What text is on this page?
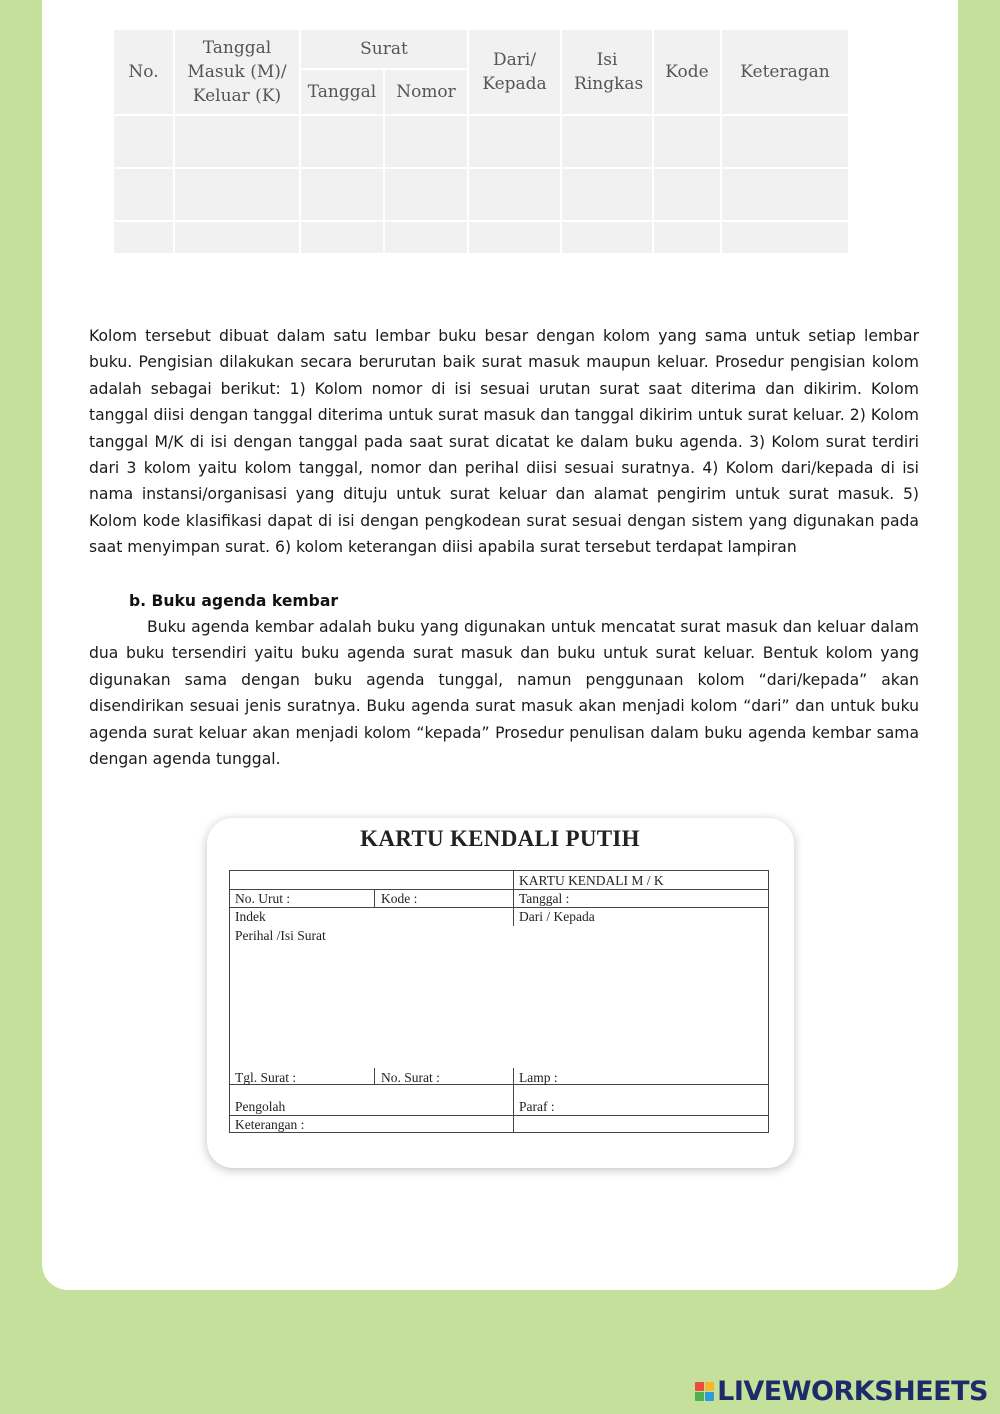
No.	Tanggal Masuk (M)/ Keluar (K)	Surat		Dari/ Kepada	Isi Ringkas	Kode	Keteragan
		Tanggal	Nomor				

Kolom tersebut dibuat dalam satu lembar buku besar dengan kolom yang sama untuk setiap lembar buku. Pengisian dilakukan secara berurutan baik surat masuk maupun keluar. Prosedur pengisian kolom adalah sebagai berikut: 1) Kolom nomor di isi sesuai urutan surat saat diterima dan dikirim. Kolom tanggal diisi dengan tanggal diterima untuk surat masuk dan tanggal dikirim untuk surat keluar. 2) Kolom tanggal M/K di isi dengan tanggal pada saat surat dicatat ke dalam buku agenda. 3) Kolom surat terdiri dari 3 kolom yaitu kolom tanggal, nomor dan perihal diisi sesuai suratnya. 4) Kolom dari/kepada di isi nama instansi/organisasi yang dituju untuk surat keluar dan alamat pengirim untuk surat masuk. 5) Kolom kode klasifikasi dapat di isi dengan pengkodean surat sesuai dengan sistem yang digunakan pada saat menyimpan surat. 6) kolom keterangan diisi apabila surat tersebut terdapat lampiran
b. Buku agenda kembar
Buku agenda kembar adalah buku yang digunakan untuk mencatat surat masuk dan keluar dalam dua buku tersendiri yaitu buku agenda surat masuk dan buku untuk surat keluar. Bentuk kolom yang digunakan sama dengan buku agenda tunggal, namun penggunaan kolom “dari/kepada” akan disendirikan sesuai jenis suratnya. Buku agenda surat masuk akan menjadi kolom “dari” dan untuk buku agenda surat keluar akan menjadi kolom “kepada” Prosedur penulisan dalam buku agenda kembar sama dengan agenda tunggal.
KARTU KENDALI PUTIH
KARTU KENDALI M / K
No. Urut :	Kode :	Tanggal :
Indek	Dari / Kepada
Perihal /Isi Surat
Tgl. Surat :	No. Surat :	Lamp :
Pengolah	Paraf :
Keterangan :
LIVEWORKSHEETS
